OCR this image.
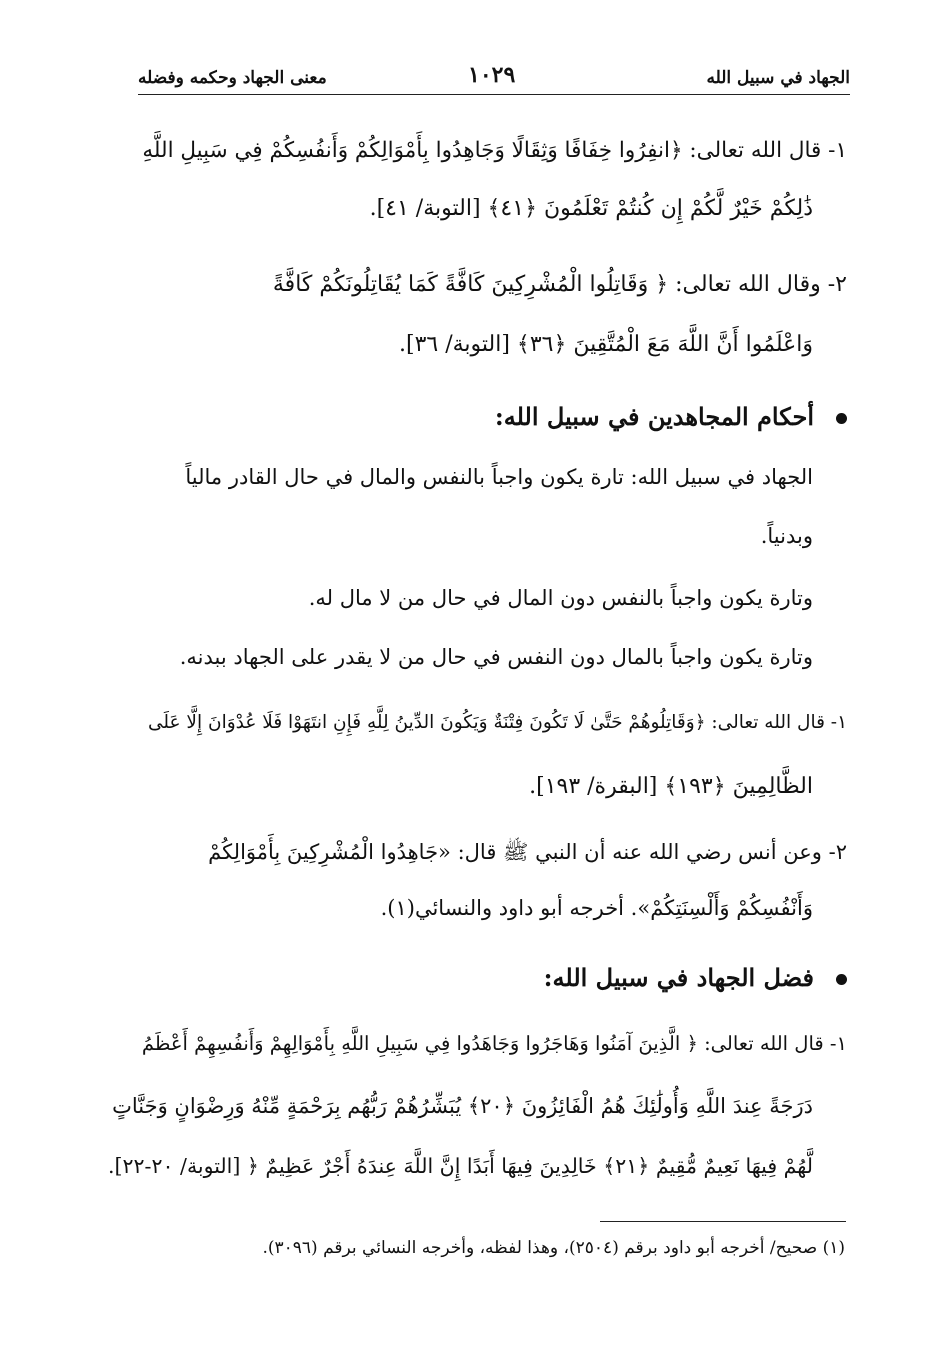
الجهاد في سبيل الله
١٠٢٩
معنى الجهاد وحكمه وفضله
١- قال الله تعالى: ﴿انفِرُوا خِفَافًا وَثِقَالًا وَجَاهِدُوا بِأَمْوَالِكُمْ وَأَنفُسِكُمْ فِي سَبِيلِ اللَّهِ
ذَٰلِكُمْ خَيْرٌ لَّكُمْ إِن كُنتُمْ تَعْلَمُونَ ﴿٤١﴾ [التوبة/ ٤١].
٢- وقال الله تعالى: ﴿ وَقَاتِلُوا الْمُشْرِكِينَ كَافَّةً كَمَا يُقَاتِلُونَكُمْ كَافَّةً
وَاعْلَمُوا أَنَّ اللَّهَ مَعَ الْمُتَّقِينَ ﴿٣٦﴾ [التوبة/ ٣٦].
أحكام المجاهدين في سبيل الله:
الجهاد في سبيل الله: تارة يكون واجباً بالنفس والمال في حال القادر مالياً
وبدنياً.
وتارة يكون واجباً بالنفس دون المال في حال من لا مال له.
وتارة يكون واجباً بالمال دون النفس في حال من لا يقدر على الجهاد ببدنه.
١- قال الله تعالى: ﴿وَقَاتِلُوهُمْ حَتَّىٰ لَا تَكُونَ فِتْنَةٌ وَيَكُونَ الدِّينُ لِلَّهِ فَإِنِ انتَهَوْا فَلَا عُدْوَانَ إِلَّا عَلَى
الظَّالِمِينَ ﴿١٩٣﴾ [البقرة/ ١٩٣].
٢- وعن أنس رضي الله عنه أن النبي ﷺ قال: «جَاهِدُوا الْمُشْرِكِينَ بِأَمْوَالِكُمْ
وَأَنْفُسِكُمْ وَأَلْسِنَتِكُمْ». أخرجه أبو داود والنسائي(١).
فضل الجهاد في سبيل الله:
١- قال الله تعالى: ﴿ الَّذِينَ آمَنُوا وَهَاجَرُوا وَجَاهَدُوا فِي سَبِيلِ اللَّهِ بِأَمْوَالِهِمْ وَأَنفُسِهِمْ أَعْظَمُ
دَرَجَةً عِندَ اللَّهِ وَأُولَٰئِكَ هُمُ الْفَائِزُونَ ﴿٢٠﴾ يُبَشِّرُهُمْ رَبُّهُم بِرَحْمَةٍ مِّنْهُ وَرِضْوَانٍ وَجَنَّاتٍ
لَّهُمْ فِيهَا نَعِيمٌ مُّقِيمٌ ﴿٢١﴾ خَالِدِينَ فِيهَا أَبَدًا إِنَّ اللَّهَ عِندَهُ أَجْرٌ عَظِيمٌ ﴿ [التوبة/ ٢٠-٢٢].
(١) صحيح/ أخرجه أبو داود برقم (٢٥٠٤)، وهذا لفظه، وأخرجه النسائي برقم (٣٠٩٦).
